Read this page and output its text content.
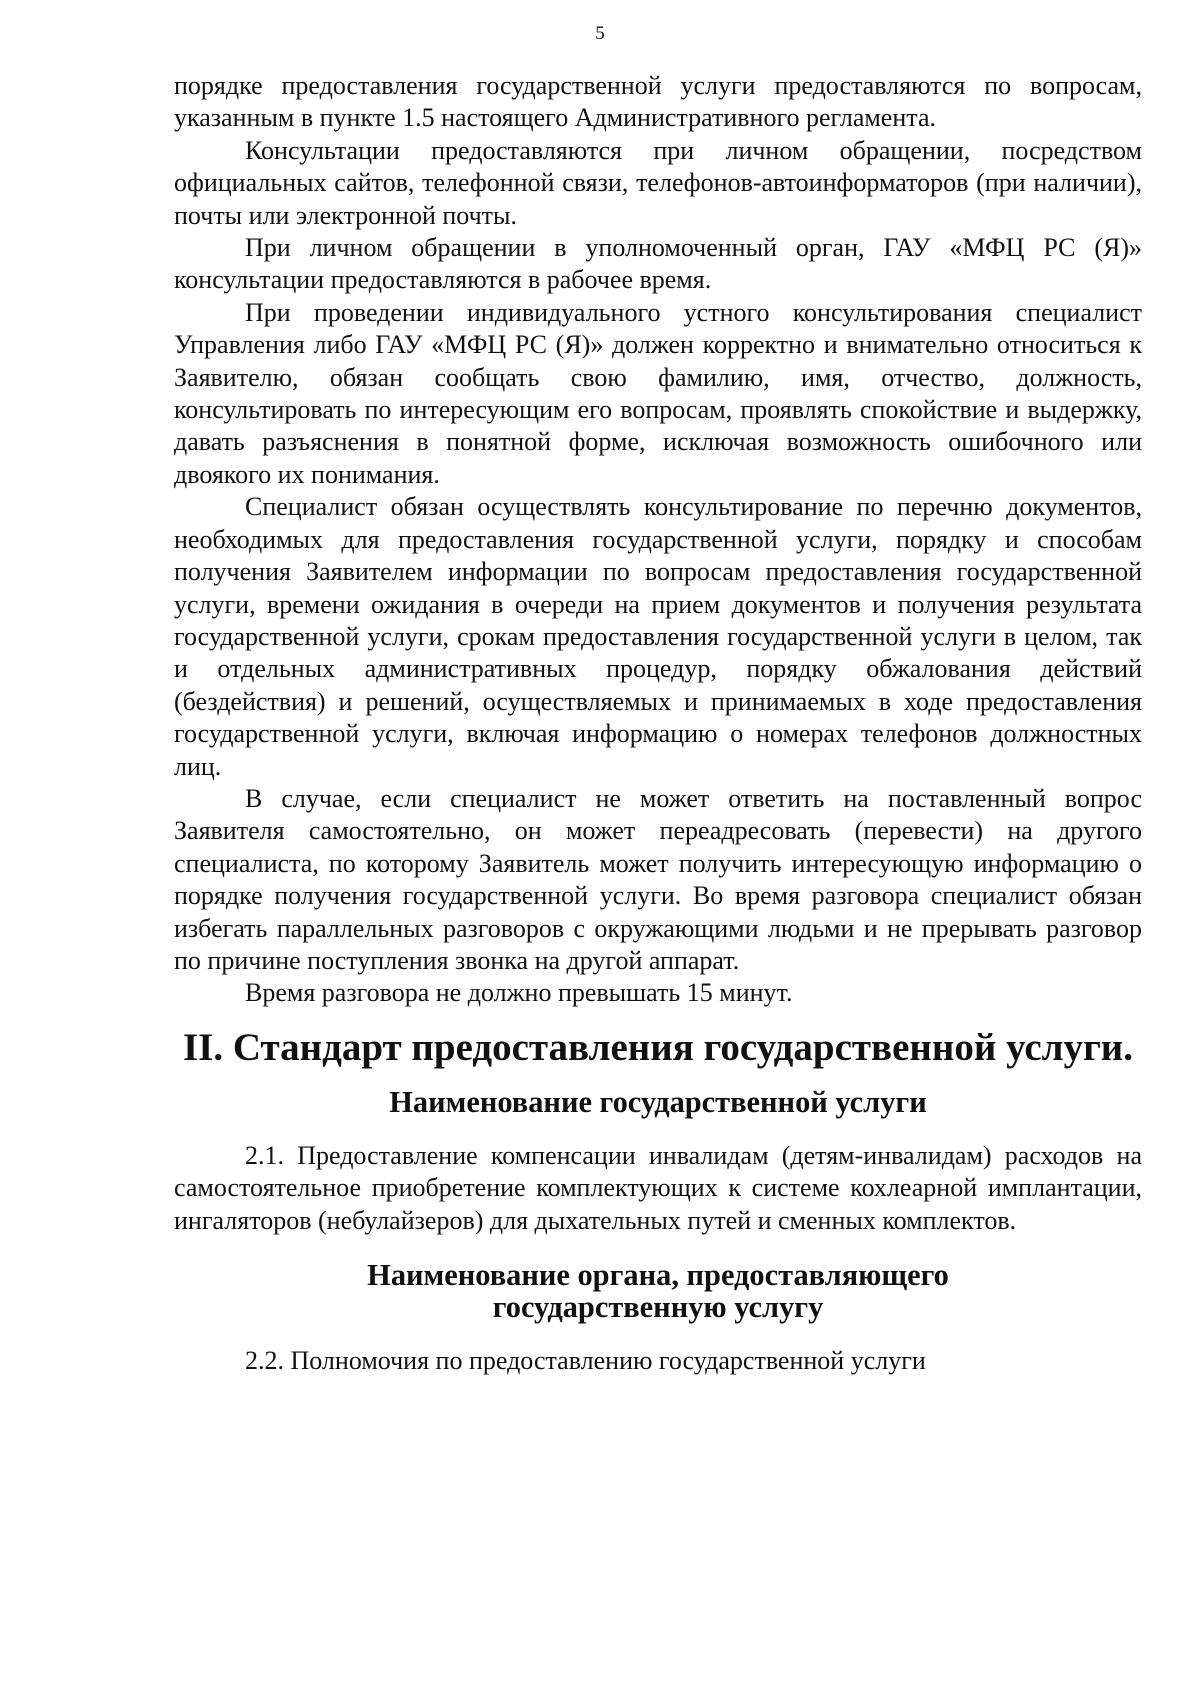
5

порядке предоставления государственной услуги предоставляются по вопросам, указанным в пункте 1.5 настоящего Административного регламента.

Консультации предоставляются при личном обращении, посредством официальных сайтов, телефонной связи, телефонов-автоинформаторов (при наличии), почты или электронной почты.

При личном обращении в уполномоченный орган, ГАУ «МФЦ РС (Я)» консультации предоставляются в рабочее время.

При проведении индивидуального устного консультирования специалист Управления либо ГАУ «МФЦ РС (Я)» должен корректно и внимательно относиться к Заявителю, обязан сообщать свою фамилию, имя, отчество, должность, консультировать по интересующим его вопросам, проявлять спокойствие и выдержку, давать разъяснения в понятной форме, исключая возможность ошибочного или двоякого их понимания.

Специалист обязан осуществлять консультирование по перечню документов, необходимых для предоставления государственной услуги, порядку и способам получения Заявителем информации по вопросам предоставления государственной услуги, времени ожидания в очереди на прием документов и получения результата государственной услуги, срокам предоставления государственной услуги в целом, так и отдельных административных процедур, порядку обжалования действий (бездействия) и решений, осуществляемых и принимаемых в ходе предоставления государственной услуги, включая информацию о номерах телефонов должностных лиц.

В случае, если специалист не может ответить на поставленный вопрос Заявителя самостоятельно, он может переадресовать (перевести) на другого специалиста, по которому Заявитель может получить интересующую информацию о порядке получения государственной услуги. Во время разговора специалист обязан избегать параллельных разговоров с окружающими людьми и не прерывать разговор по причине поступления звонка на другой аппарат.

Время разговора не должно превышать 15 минут.

II. Стандарт предоставления государственной услуги.
Наименование государственной услуги

2.1. Предоставление компенсации инвалидам (детям-инвалидам) расходов на самостоятельное приобретение комплектующих к системе кохлеарной имплантации, ингаляторов (небулайзеров) для дыхательных путей и сменных комплектов.

Наименование органа, предоставляющего
государственную услугу

2.2. Полномочия по предоставлению государственной услуги
